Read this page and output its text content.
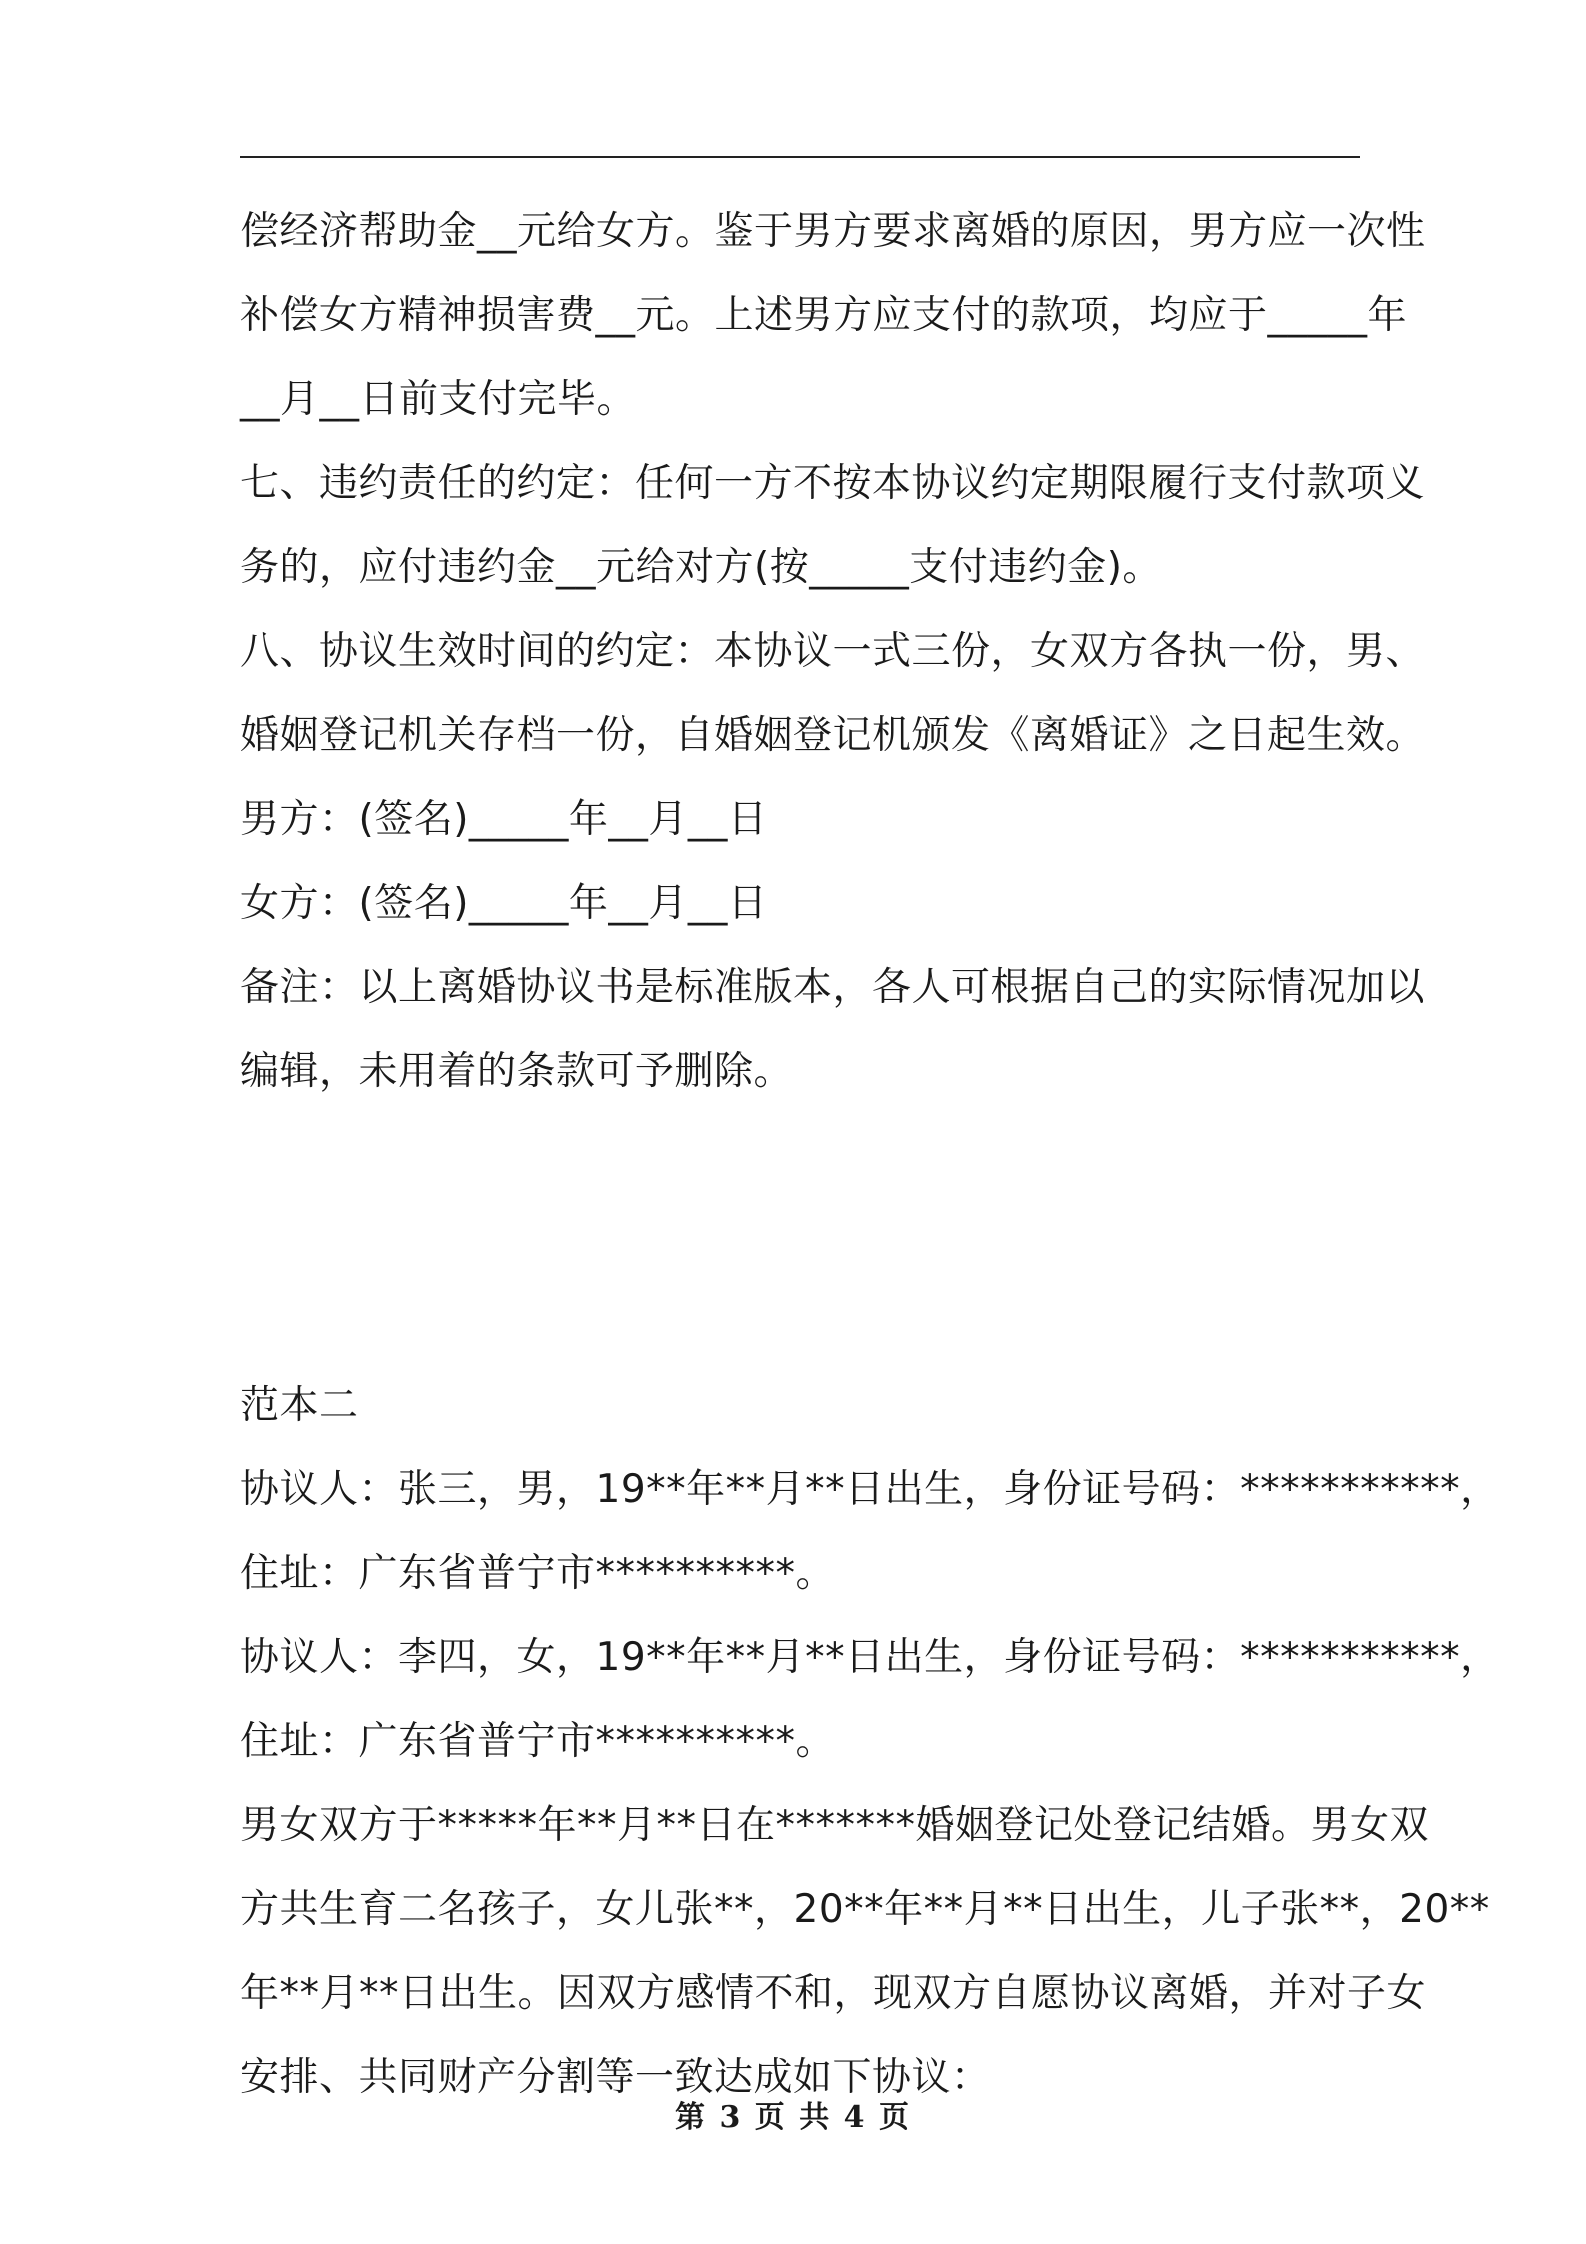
偿经济帮助金__元给女方。鉴于男方要求离婚的原因，男方应一次性
补偿女方精神损害费__元。上述男方应支付的款项，均应于_____年
__月__日前支付完毕。
七、违约责任的约定：任何一方不按本协议约定期限履行支付款项义
务的，应付违约金__元给对方(按_____支付违约金)。
八、协议生效时间的约定：本协议一式三份，女双方各执一份，男、
婚姻登记机关存档一份，自婚姻登记机颁发《离婚证》之日起生效。
男方：(签名)_____年__月__日
女方：(签名)_____年__月__日
备注：以上离婚协议书是标准版本，各人可根据自己的实际情况加以
编辑，未用着的条款可予删除。
范本二
协议人：张三，男，19**年**月**日出生，身份证号码：***********，
住址：广东省普宁市**********。
协议人：李四，女，19**年**月**日出生，身份证号码：***********，
住址：广东省普宁市**********。
男女双方于*****年**月**日在*******婚姻登记处登记结婚。男女双
方共生育二名孩子，女儿张**，20**年**月**日出生，儿子张**，20**
年**月**日出生。因双方感情不和，现双方自愿协议离婚，并对子女
安排、共同财产分割等一致达成如下协议：
第 3 页 共 4 页
